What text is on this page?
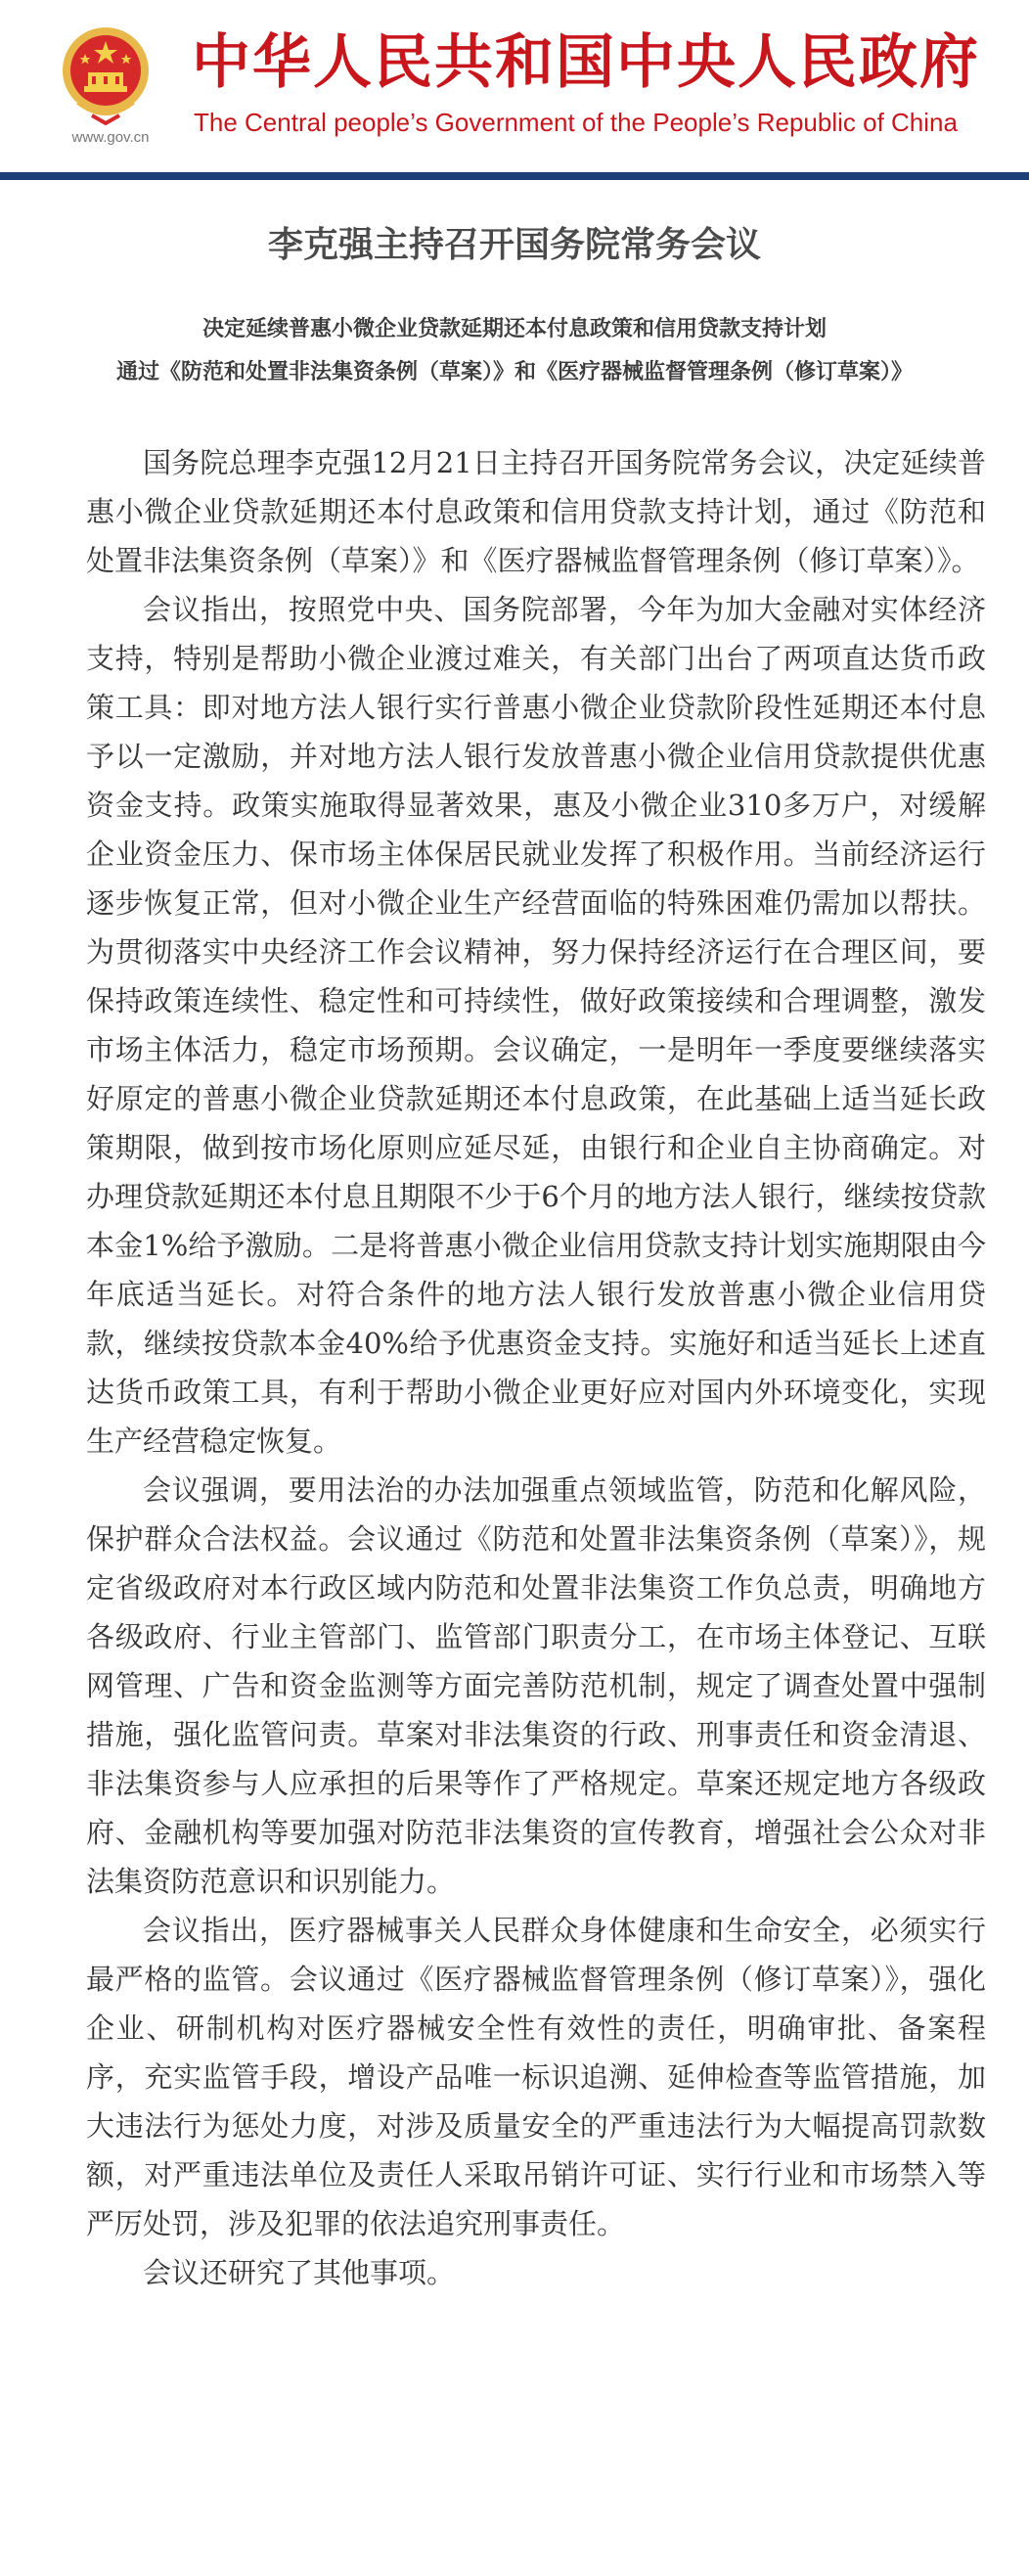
www.gov.cn
中华人民共和国中央人民政府
The Central people’s Government of the People’s Republic of China
李克强主持召开国务院常务会议
决定延续普惠小微企业贷款延期还本付息政策和信用贷款支持计划
通过《防范和处置非法集资条例（草案）》和《医疗器械监督管理条例（修订草案）》

国务院总理李克强12月21日主持召开国务院常务会议，决定延续普惠小微企业贷款延期还本付息政策和信用贷款支持计划，通过《防范和处置非法集资条例（草案）》和《医疗器械监督管理条例（修订草案）》。

会议指出，按照党中央、国务院部署，今年为加大金融对实体经济支持，特别是帮助小微企业渡过难关，有关部门出台了两项直达货币政策工具：即对地方法人银行实行普惠小微企业贷款阶段性延期还本付息予以一定激励，并对地方法人银行发放普惠小微企业信用贷款提供优惠资金支持。政策实施取得显著效果，惠及小微企业310多万户，对缓解企业资金压力、保市场主体保居民就业发挥了积极作用。当前经济运行逐步恢复正常，但对小微企业生产经营面临的特殊困难仍需加以帮扶。为贯彻落实中央经济工作会议精神，努力保持经济运行在合理区间，要保持政策连续性、稳定性和可持续性，做好政策接续和合理调整，激发市场主体活力，稳定市场预期。会议确定，一是明年一季度要继续落实好原定的普惠小微企业贷款延期还本付息政策，在此基础上适当延长政策期限，做到按市场化原则应延尽延，由银行和企业自主协商确定。对办理贷款延期还本付息且期限不少于6个月的地方法人银行，继续按贷款本金1%给予激励。二是将普惠小微企业信用贷款支持计划实施期限由今年底适当延长。对符合条件的地方法人银行发放普惠小微企业信用贷款，继续按贷款本金40%给予优惠资金支持。实施好和适当延长上述直达货币政策工具，有利于帮助小微企业更好应对国内外环境变化，实现生产经营稳定恢复。

会议强调，要用法治的办法加强重点领域监管，防范和化解风险，保护群众合法权益。会议通过《防范和处置非法集资条例（草案）》，规定省级政府对本行政区域内防范和处置非法集资工作负总责，明确地方各级政府、行业主管部门、监管部门职责分工，在市场主体登记、互联网管理、广告和资金监测等方面完善防范机制，规定了调查处置中强制措施，强化监管问责。草案对非法集资的行政、刑事责任和资金清退、非法集资参与人应承担的后果等作了严格规定。草案还规定地方各级政府、金融机构等要加强对防范非法集资的宣传教育，增强社会公众对非法集资防范意识和识别能力。

会议指出，医疗器械事关人民群众身体健康和生命安全，必须实行最严格的监管。会议通过《医疗器械监督管理条例（修订草案）》，强化企业、研制机构对医疗器械安全性有效性的责任，明确审批、备案程序，充实监管手段，增设产品唯一标识追溯、延伸检查等监管措施，加大违法行为惩处力度，对涉及质量安全的严重违法行为大幅提高罚款数额，对严重违法单位及责任人采取吊销许可证、实行行业和市场禁入等严厉处罚，涉及犯罪的依法追究刑事责任。

会议还研究了其他事项。
